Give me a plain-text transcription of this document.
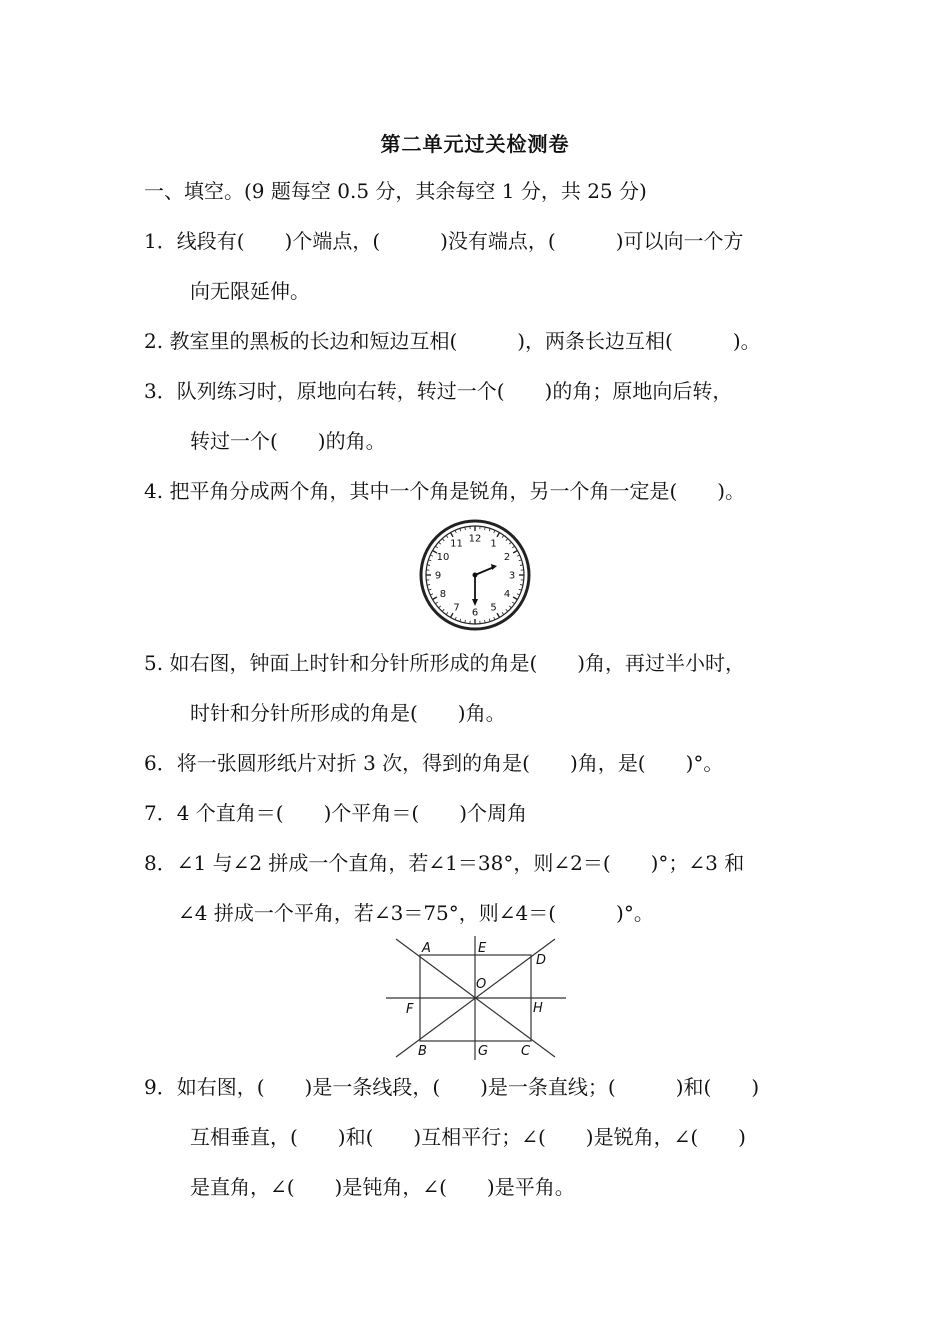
第二单元过关检测卷
一、填空。(9 题每空 0.5 分，其余每空 1 分，共 25 分)
1．线段有(　　)个端点，(　　　)没有端点，(　　　)可以向一个方
向无限延伸。
2. 教室里的黑板的长边和短边互相(　　　)，两条长边互相(　　　)。
3．队列练习时，原地向右转，转过一个(　　)的角；原地向后转，
转过一个(　　)的角。
4. 把平角分成两个角，其中一个角是锐角，另一个角一定是(　　)。
12 1
2
3
4
5
6
7
8
9
10
11
5. 如右图，钟面上时针和分针所形成的角是(　　)角，再过半小时，
时针和分针所形成的角是(　　)角。
6．将一张圆形纸片对折 3 次，得到的角是(　　)角，是(　　)°。
7．4 个直角＝(　　)个平角＝(　　)个周角
8．∠1 与∠2 拼成一个直角，若∠1＝38°，则∠2＝(　　)°；∠3 和
∠4 拼成一个平角，若∠3＝75°，则∠4＝(　　　)°。
A	E
D
O
F	H
B	G	C
9．如右图，(　　)是一条线段，(　　)是一条直线；(　　　)和(　　)
互相垂直，(　　)和(　　)互相平行；∠(　　)是锐角，∠(　　)
是直角，∠(　　)是钝角，∠(　　)是平角。
